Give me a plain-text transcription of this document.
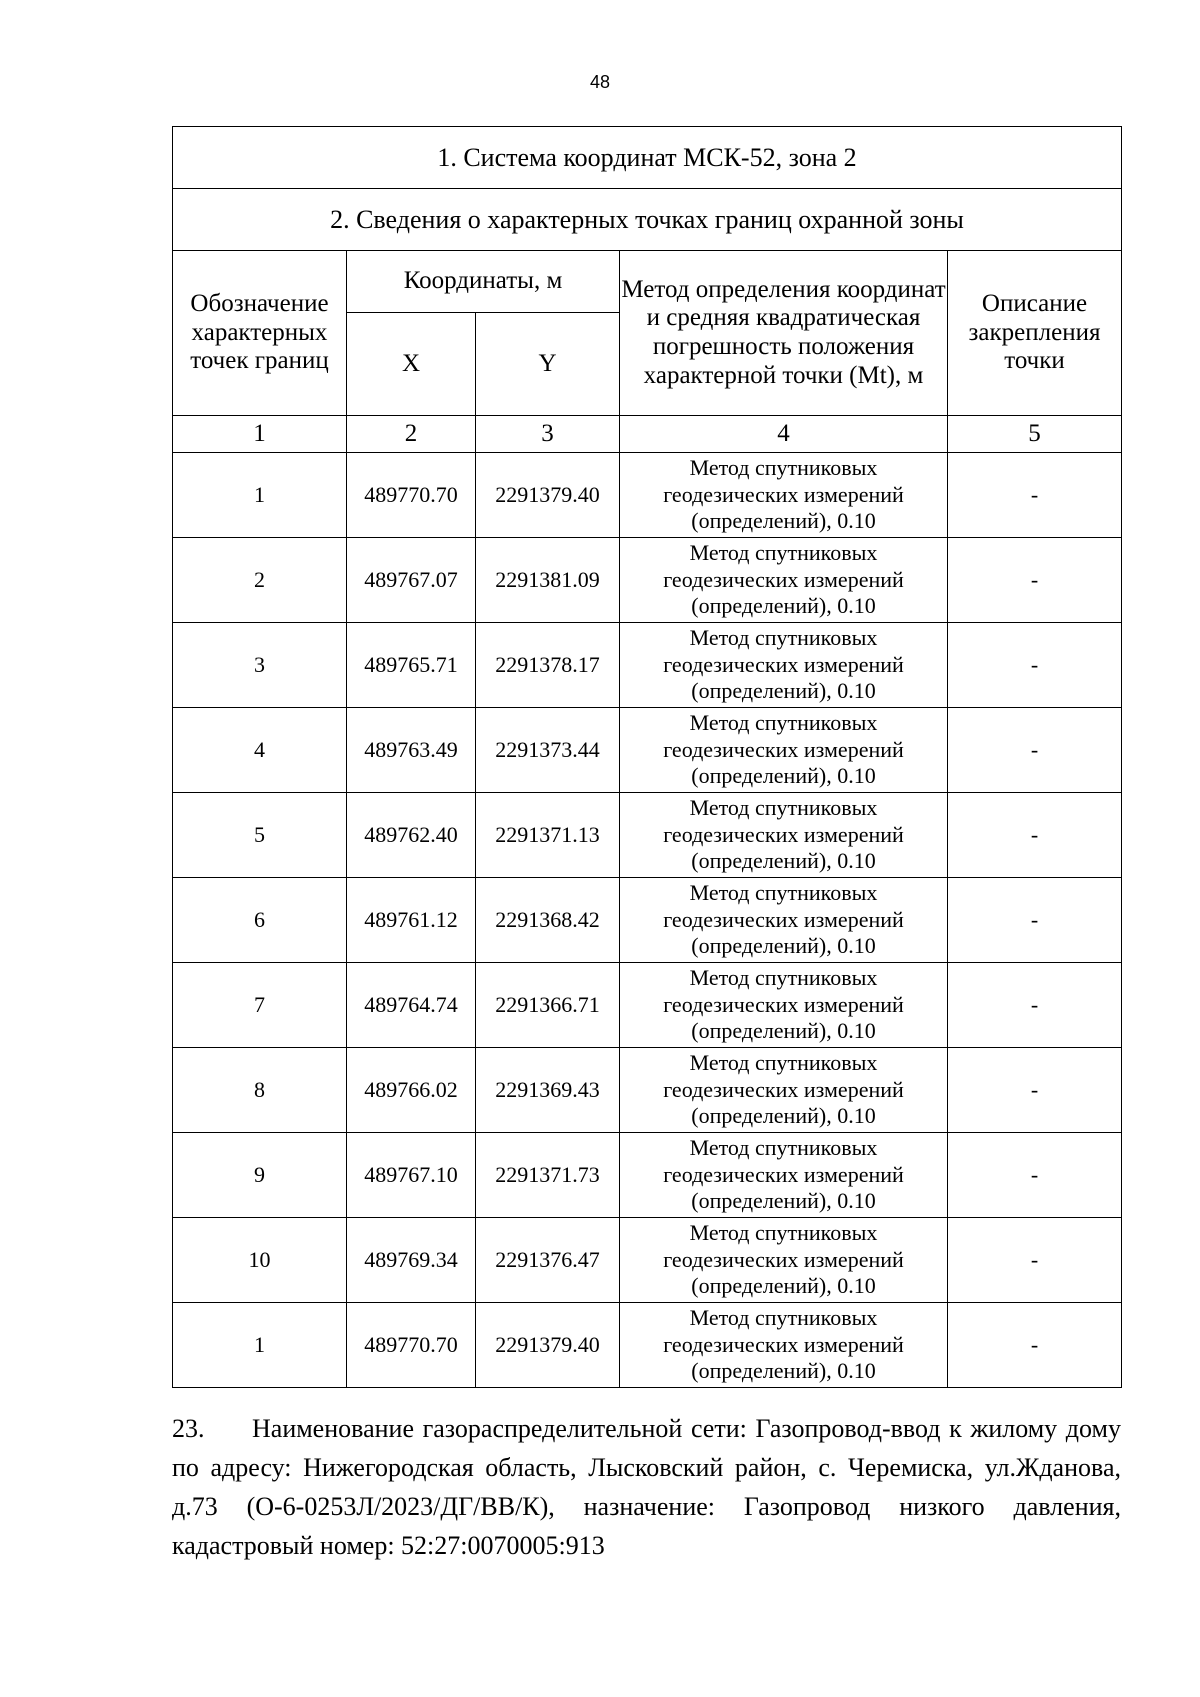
48
1. Система координат МСК-52, зона 2				
2. Сведения о характерных точках границ охранной зоны				
Обозначение характерных точек границ	Координаты, м		Метод определения координат и средняя квадратическая погрешность положения характерной точки (Mt), м	Описание закрепления точки
	X	Y		
1	2	3	4	5
1	489770.70	2291379.40	Метод спутниковых геодезических измерений (определений), 0.10	-
2	489767.07	2291381.09	Метод спутниковых геодезических измерений (определений), 0.10	-
3	489765.71	2291378.17	Метод спутниковых геодезических измерений (определений), 0.10	-
4	489763.49	2291373.44	Метод спутниковых геодезических измерений (определений), 0.10	-
5	489762.40	2291371.13	Метод спутниковых геодезических измерений (определений), 0.10	-
6	489761.12	2291368.42	Метод спутниковых геодезических измерений (определений), 0.10	-
7	489764.74	2291366.71	Метод спутниковых геодезических измерений (определений), 0.10	-
8	489766.02	2291369.43	Метод спутниковых геодезических измерений (определений), 0.10	-
9	489767.10	2291371.73	Метод спутниковых геодезических измерений (определений), 0.10	-
10	489769.34	2291376.47	Метод спутниковых геодезических измерений (определений), 0.10	-
1	489770.70	2291379.40	Метод спутниковых геодезических измерений (определений), 0.10	-
23. Наименование газораспределительной сети: Газопровод-ввод к жилому дому по адресу: Нижегородская область, Лысковский район, с. Черемиска, ул.Жданова, д.73 (О-6-0253Л/2023/ДГ/ВВ/К), назначение: Газопровод низкого давления, кадастровый номер: 52:27:0070005:913
